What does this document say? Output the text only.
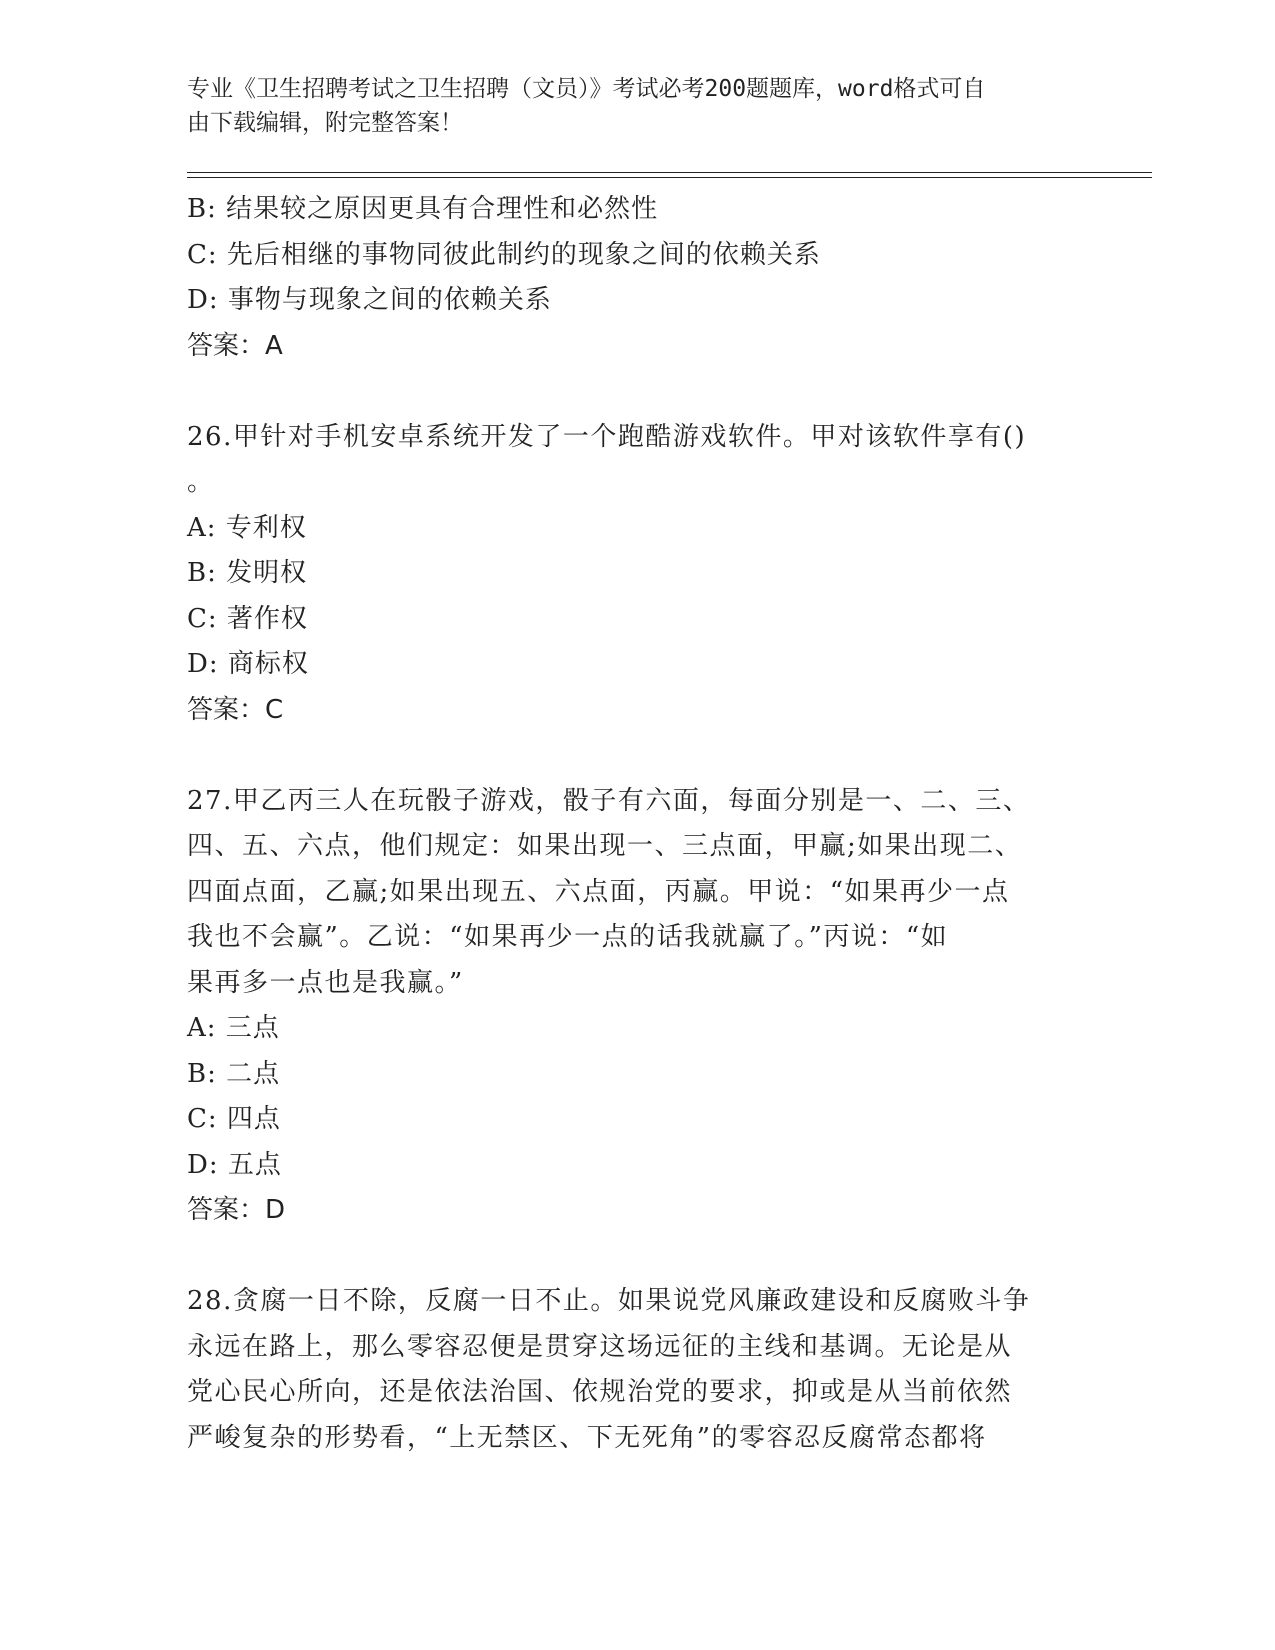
专业《卫生招聘考试之卫生招聘（文员）》考试必考200题题库，word格式可自
由下载编辑，附完整答案！
B: 结果较之原因更具有合理性和必然性
C: 先后相继的事物同彼此制约的现象之间的依赖关系
D: 事物与现象之间的依赖关系
答案：A
26.甲针对手机安卓系统开发了一个跑酷游戏软件。甲对该软件享有()
。
A: 专利权
B: 发明权
C: 著作权
D: 商标权
答案：C
27.甲乙丙三人在玩骰子游戏，骰子有六面，每面分别是一、二、三、
四、五、六点，他们规定：如果出现一、三点面，甲赢;如果出现二、
四面点面，乙赢;如果出现五、六点面，丙赢。甲说：“如果再少一点
我也不会赢”。乙说：“如果再少一点的话我就赢了。”丙说：“如
果再多一点也是我赢。”
A: 三点
B: 二点
C: 四点
D: 五点
答案：D
28.贪腐一日不除，反腐一日不止。如果说党风廉政建设和反腐败斗争
永远在路上，那么零容忍便是贯穿这场远征的主线和基调。无论是从
党心民心所向，还是依法治国、依规治党的要求，抑或是从当前依然
严峻复杂的形势看，“上无禁区、下无死角”的零容忍反腐常态都将
